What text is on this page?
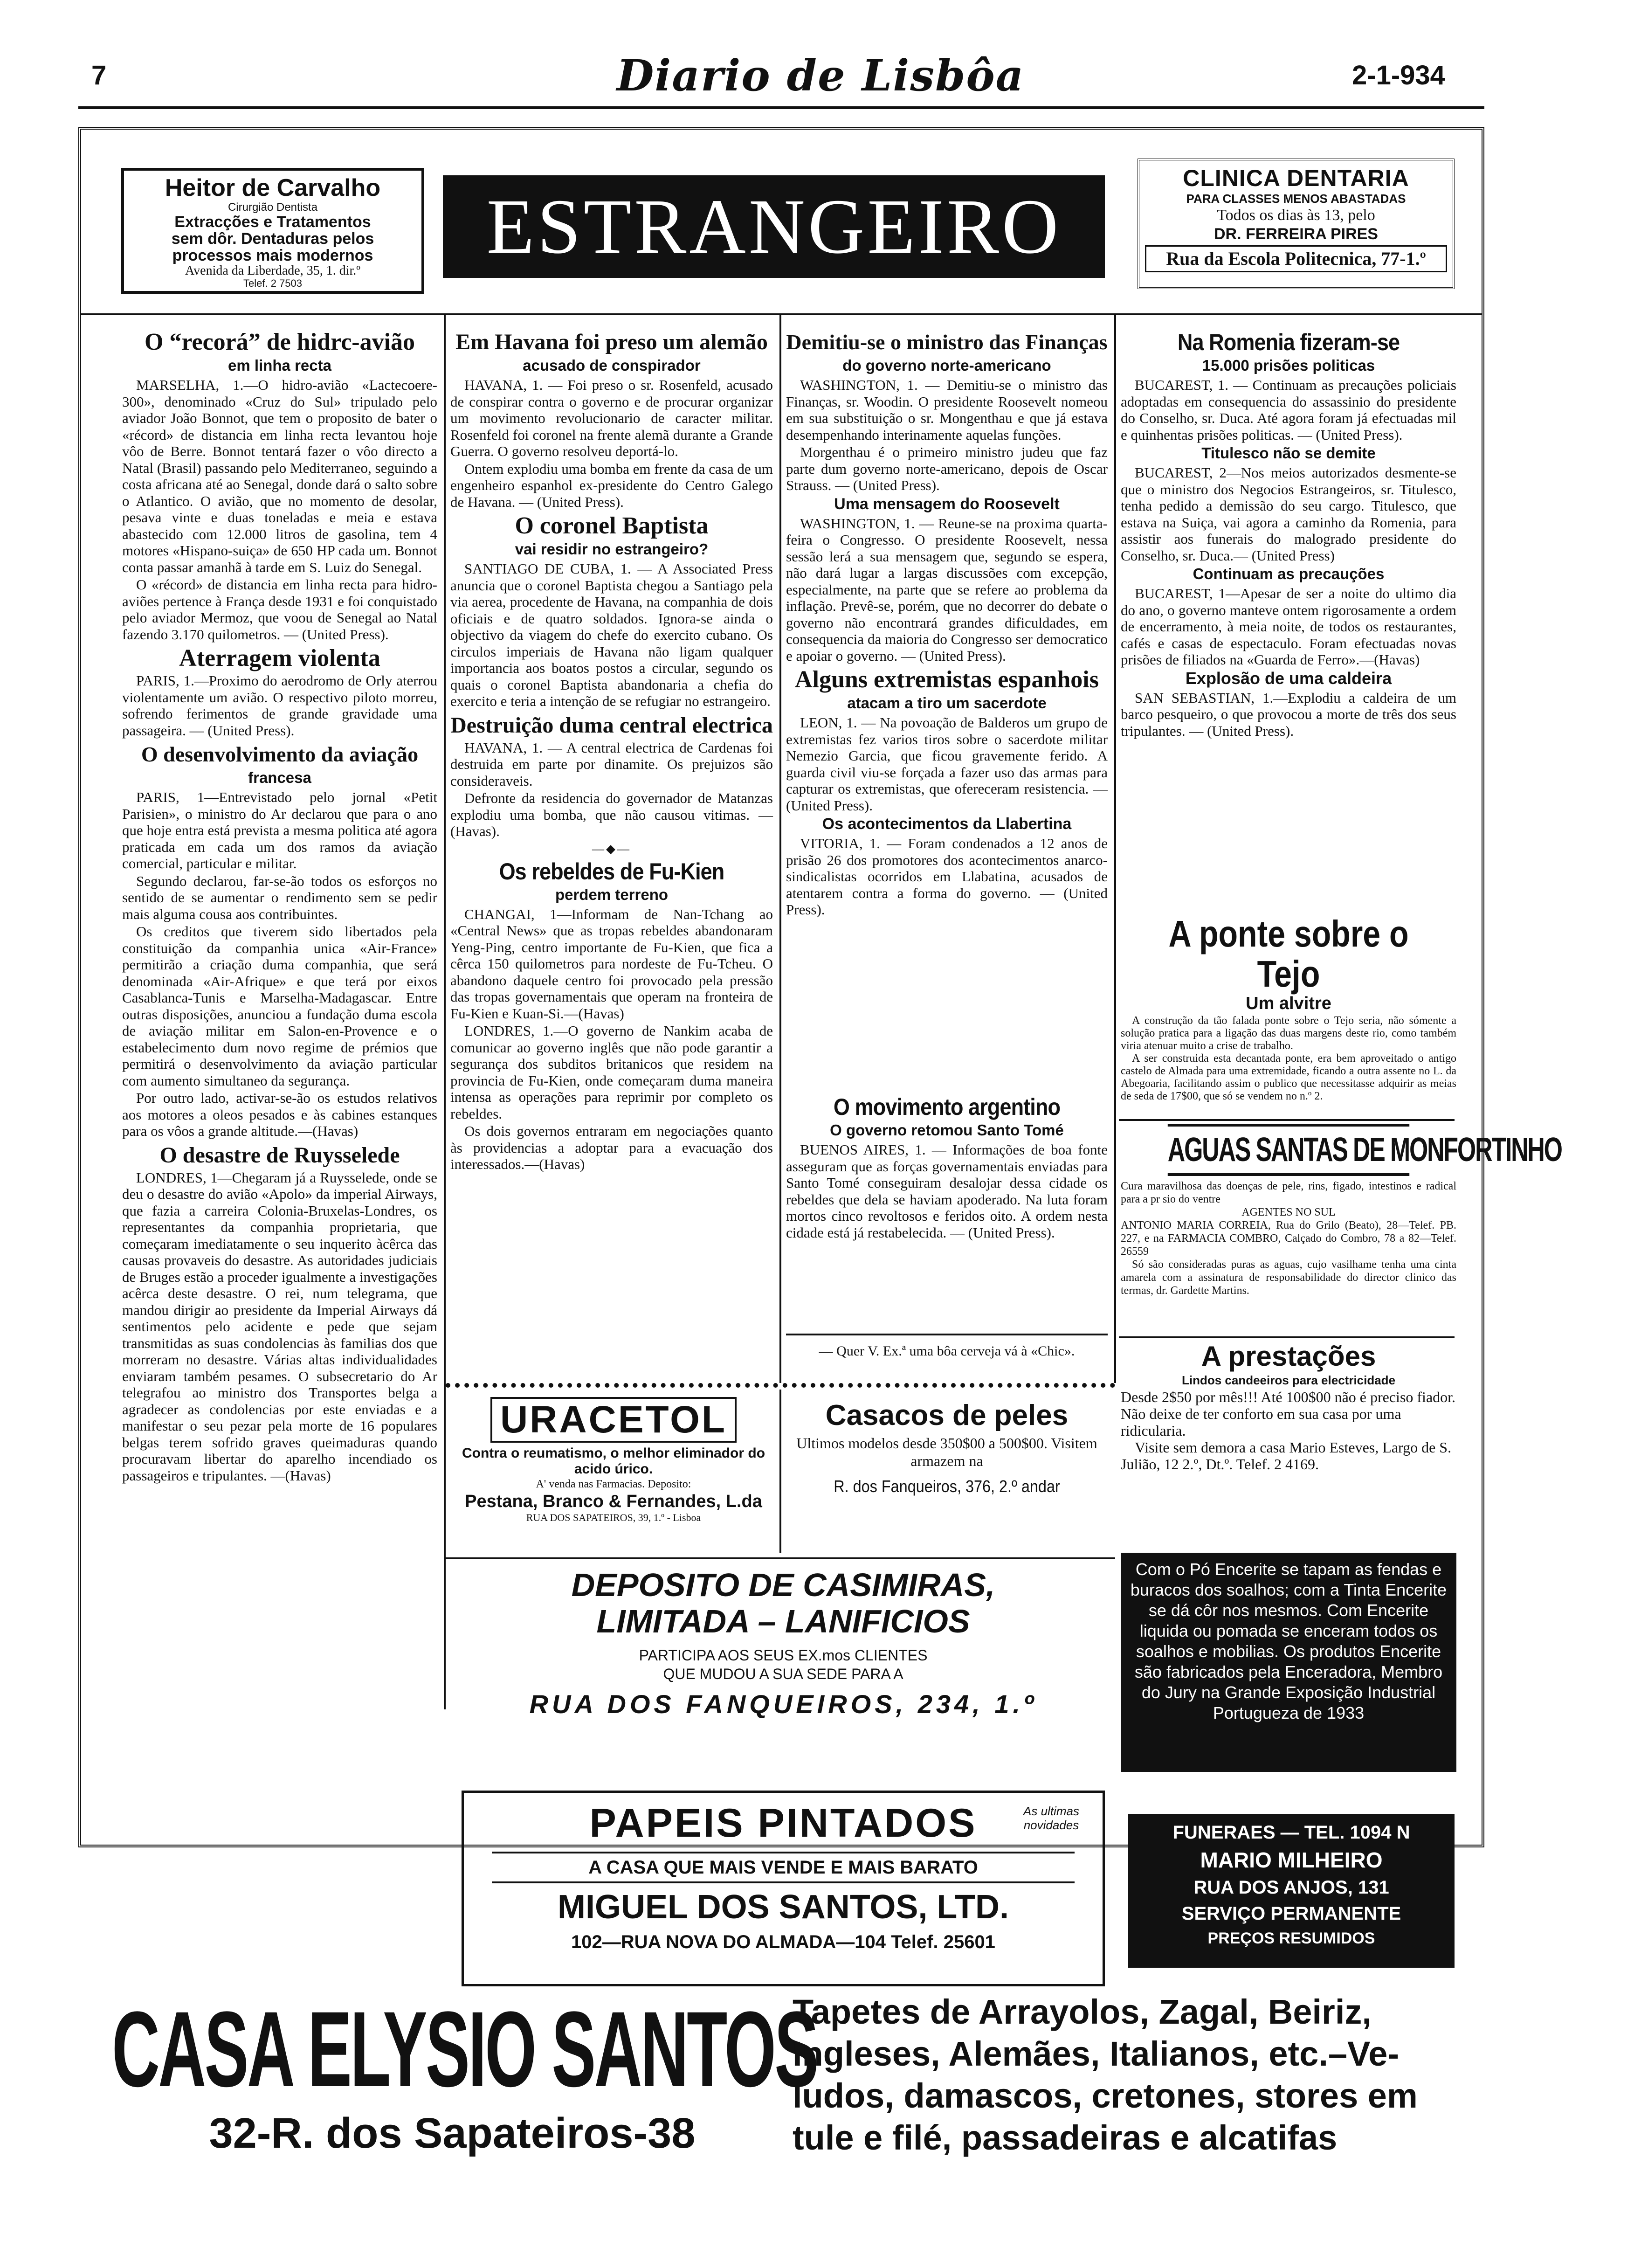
7	Diario de Lisbôa	2-1-934
Heitor de Carvalho
Cirurgião Dentista
Extracções e Tratamentos
sem dôr. Dentaduras pelos
processos mais modernos
Avenida da Liberdade, 35, 1. dir.º
Telef. 2 7503
ESTRANGEIRO
CLINICA DENTARIA
PARA CLASSES MENOS ABASTADAS
Todos os dias às 13, pelo
DR. FERREIRA PIRES
Rua da Escola Politecnica, 77-1.º
O “recorá” de hidrc-avião
em linha recta

MARSELHA, 1.—O hidro-avião «Lactecoere-300», denominado «Cruz do Sul» tripulado pelo aviador João Bonnot, que tem o proposito de bater o «récord» de distancia em linha recta levantou hoje vôo de Berre. Bonnot tentará fazer o vôo directo a Natal (Brasil) passando pelo Mediterraneo, seguindo a costa africana até ao Senegal, donde dará o salto sobre o Atlantico. O avião, que no momento de desolar, pesava vinte e duas toneladas e meia e estava abastecido com 12.000 litros de gasolina, tem 4 motores «Hispano-suiça» de 650 HP cada um. Bonnot conta passar amanhã à tarde em S. Luiz do Senegal.

O «récord» de distancia em linha recta para hidro-aviões pertence à França desde 1931 e foi conquistado pelo aviador Mermoz, que voou de Senegal ao Natal fazendo 3.170 quilometros. — (United Press).

Aterragem violenta

PARIS, 1.—Proximo do aerodromo de Orly aterrou violentamente um avião. O respectivo piloto morreu, sofrendo ferimentos de grande gravidade uma passageira. — (United Press).

O desenvolvimento da aviação
francesa

PARIS, 1—Entrevistado pelo jornal «Petit Parisien», o ministro do Ar declarou que para o ano que hoje entra está prevista a mesma politica até agora praticada em cada um dos ramos da aviação comercial, particular e militar.

Segundo declarou, far-se-ão todos os esforços no sentido de se aumentar o rendimento sem se pedir mais alguma cousa aos contribuintes.

Os creditos que tiverem sido libertados pela constituição da companhia unica «Air-France» permitirão a criação duma companhia, que será denominada «Air-Afrique» e que terá por eixos Casablanca-Tunis e Marselha-Madagascar. Entre outras disposições, anunciou a fundação duma escola de aviação militar em Salon-en-Provence e o estabelecimento dum novo regime de prémios que permitirá o desenvolvimento da aviação particular com aumento simultaneo da segurança.

Por outro lado, activar-se-ão os estudos relativos aos motores a oleos pesados e às cabines estanques para os vôos a grande altitude.—(Havas)

O desastre de Ruysselede

LONDRES, 1—Chegaram já a Ruysselede, onde se deu o desastre do avião «Apolo» da imperial Airways, que fazia a carreira Colonia-Bruxelas-Londres, os representantes da companhia proprietaria, que começaram imediatamente o seu inquerito àcêrca das causas provaveis do desastre. As autoridades judiciais de Bruges estão a proceder igualmente a investigações acêrca deste desastre. O rei, num telegrama, que mandou dirigir ao presidente da Imperial Airways dá sentimentos pelo acidente e pede que sejam transmitidas as suas condolencias às familias dos que morreram no desastre. Várias altas individualidades enviaram também pesames. O subsecretario do Ar telegrafou ao ministro dos Transportes belga a agradecer as condolencias por este enviadas e a manifestar o seu pezar pela morte de 16 populares belgas terem sofrido graves queimaduras quando procuravam libertar do aparelho incendiado os passageiros e tripulantes. —(Havas)

Em Havana foi preso um alemão
acusado de conspirador

HAVANA, 1. — Foi preso o sr. Rosenfeld, acusado de conspirar contra o governo e de procurar organizar um movimento revolucionario de caracter militar. Rosenfeld foi coronel na frente alemã durante a Grande Guerra. O governo resolveu deportá-lo.

Ontem explodiu uma bomba em frente da casa de um engenheiro espanhol ex-presidente do Centro Galego de Havana. — (United Press).

O coronel Baptista
vai residir no estrangeiro?

SANTIAGO DE CUBA, 1. — A Associated Press anuncia que o coronel Baptista chegou a Santiago pela via aerea, procedente de Havana, na companhia de dois oficiais e de quatro soldados. Ignora-se ainda o objectivo da viagem do chefe do exercito cubano. Os circulos imperiais de Havana não ligam qualquer importancia aos boatos postos a circular, segundo os quais o coronel Baptista abandonaria a chefia do exercito e teria a intenção de se refugiar no estrangeiro.

Destruição duma central electrica

HAVANA, 1. — A central electrica de Cardenas foi destruida em parte por dinamite. Os prejuizos são consideraveis.

Defronte da residencia do governador de Matanzas explodiu uma bomba, que não causou vitimas. — (Havas).

—◆—
Os rebeldes de Fu-Kien
perdem terreno

CHANGAI, 1—Informam de Nan-Tchang ao «Central News» que as tropas rebeldes abandonaram Yeng-Ping, centro importante de Fu-Kien, que fica a cêrca 150 quilometros para nordeste de Fu-Tcheu. O abandono daquele centro foi provocado pela pressão das tropas governamentais que operam na fronteira de Fu-Kien e Kuan-Si.—(Havas)

LONDRES, 1.—O governo de Nankim acaba de comunicar ao governo inglês que não pode garantir a segurança dos subditos britanicos que residem na provincia de Fu-Kien, onde começaram duma maneira intensa as operações para reprimir por completo os rebeldes.

Os dois governos entraram em negociações quanto às providencias a adoptar para a evacuação dos interessados.—(Havas)

Demitiu-se o ministro das Finanças
do governo norte-americano

WASHINGTON, 1. — Demitiu-se o ministro das Finanças, sr. Woodin. O presidente Roosevelt nomeou em sua substituição o sr. Mongenthau e que já estava desempenhando interinamente aquelas funções.

Morgenthau é o primeiro ministro judeu que faz parte dum governo norte-americano, depois de Oscar Strauss. — (United Press).

Uma mensagem do Roosevelt

WASHINGTON, 1. — Reune-se na proxima quarta-feira o Congresso. O presidente Roosevelt, nessa sessão lerá a sua mensagem que, segundo se espera, não dará lugar a largas discussões com excepção, especialmente, na parte que se refere ao problema da inflação. Prevê-se, porém, que no decorrer do debate o governo não encontrará grandes dificuldades, em consequencia da maioria do Congresso ser democratico e apoiar o governo. — (United Press).

Alguns extremistas espanhois
atacam a tiro um sacerdote

LEON, 1. — Na povoação de Balderos um grupo de extremistas fez varios tiros sobre o sacerdote militar Nemezio Garcia, que ficou gravemente ferido. A guarda civil viu-se forçada a fazer uso das armas para capturar os extremistas, que ofereceram resistencia. — (United Press).

Os acontecimentos da Llabertina

VITORIA, 1. — Foram condenados a 12 anos de prisão 26 dos promotores dos acontecimentos anarco-sindicalistas ocorridos em Llabatina, acusados de atentarem contra a forma do governo. — (United Press).

O movimento argentino
O governo retomou Santo Tomé

BUENOS AIRES, 1. — Informações de boa fonte asseguram que as forças governamentais enviadas para Santo Tomé conseguiram desalojar dessa cidade os rebeldes que dela se haviam apoderado. Na luta foram mortos cinco revoltosos e feridos oito. A ordem nesta cidade está já restabelecida. — (United Press).

— Quer V. Ex.ª uma bôa cerveja vá à «Chic».
Na Romenia fizeram-se
15.000 prisões politicas

BUCAREST, 1. — Continuam as precauções policiais adoptadas em consequencia do assassinio do presidente do Conselho, sr. Duca. Até agora foram já efectuadas mil e quinhentas prisões politicas. — (United Press).

Titulesco não se demite

BUCAREST, 2—Nos meios autorizados desmente-se que o ministro dos Negocios Estrangeiros, sr. Titulesco, tenha pedido a demissão do seu cargo. Titulesco, que estava na Suiça, vai agora a caminho da Romenia, para assistir aos funerais do malogrado presidente do Conselho, sr. Duca.— (United Press)

Continuam as precauções

BUCAREST, 1—Apesar de ser a noite do ultimo dia do ano, o governo manteve ontem rigorosamente a ordem de encerramento, à meia noite, de todos os restaurantes, cafés e casas de espectaculo. Foram efectuadas novas prisões de filiados na «Guarda de Ferro».—(Havas)

Explosão de uma caldeira

SAN SEBASTIAN, 1.—Explodiu a caldeira de um barco pesqueiro, o que provocou a morte de três dos seus tripulantes. — (United Press).

A ponte sobre o Tejo
Um alvitre

A construção da tão falada ponte sobre o Tejo seria, não sómente a solução pratica para a ligação das duas margens deste rio, como também viria atenuar muito a crise de trabalho.

A ser construida esta decantada ponte, era bem aproveitado o antigo castelo de Almada para uma extremidade, ficando a outra assente no L. da Abegoaria, facilitando assim o publico que necessitasse adquirir as meias de seda de 17$00, que só se vendem no n.º 2.

AGUAS SANTAS DE MONFORTINHO
Cura maravilhosa das doenças de pele, rins, figado, intestinos e radical para a pr sio do ventre
AGENTES NO SUL
ANTONIO MARIA CORREIA, Rua do Grilo (Beato), 28—Telef. PB. 227, e na FARMACIA COMBRO, Calçado do Combro, 78 a 82—Telef. 26559
Só são consideradas puras as aguas, cujo vasilhame tenha uma cinta amarela com a assinatura de responsabilidade do director clinico das termas, dr. Gardette Martins.
A prestações
Lindos candeeiros para electricidade
Desde 2$50 por mês!!! Até 100$00 não é preciso fiador. Não deixe de ter conforto em sua casa por uma ridicularia.
Visite sem demora a casa Mario Esteves, Largo de S. Julião, 12 2.º, Dt.º. Telef. 2 4169.
URACETOL
Contra o reumatismo, o melhor eliminador do acido úrico.
A' venda nas Farmacias. Deposito:
Pestana, Branco & Fernandes, L.da
RUA DOS SAPATEIROS, 39, 1.º - Lisboa
Casacos de peles
Ultimos modelos desde 350$00 a 500$00. Visitem armazem na
R. dos Fanqueiros, 376, 2.º andar
DEPOSITO DE CASIMIRAS,
LIMITADA – LANIFICIOS
PARTICIPA AOS SEUS EX.mos CLIENTES
QUE MUDOU A SUA SEDE PARA A
RUA DOS FANQUEIROS, 234, 1.º
Com o Pó Encerite se tapam as fendas e buracos dos soalhos; com a Tinta Encerite se dá côr nos mesmos. Com Encerite liquida ou pomada se enceram todos os soalhos e mobilias. Os produtos Encerite são fabricados pela Enceradora, Membro do Jury na Grande Exposição Industrial Portugueza de 1933
PAPEIS PINTADOS	As ultimas novidades
A CASA QUE MAIS VENDE E MAIS BARATO
MIGUEL DOS SANTOS, LTD.
102—RUA NOVA DO ALMADA—104 Telef. 25601
FUNERAES — TEL. 1094 N
MARIO MILHEIRO
RUA DOS ANJOS, 131
SERVIÇO PERMANENTE
PREÇOS RESUMIDOS
CASA ELYSIO SANTOS
32-R. dos Sapateiros-38
Tapetes de Arrayolos, Zagal, Beiriz,
Ingleses, Alemães, Italianos, etc.–Ve-
ludos, damascos, cretones, stores em
tule e filé, passadeiras e alcatifas
